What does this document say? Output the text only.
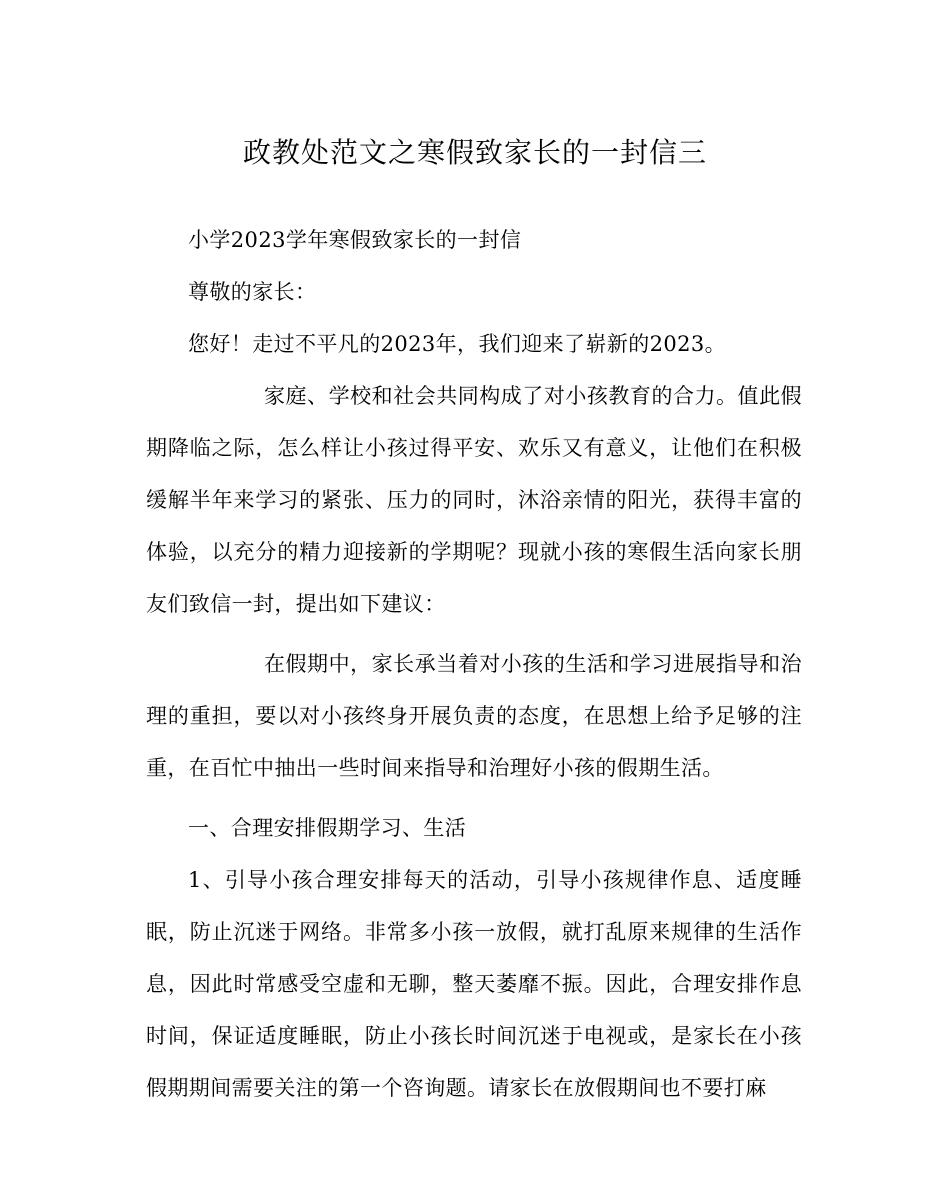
政教处范文之寒假致家长的一封信三

小学2023学年寒假致家长的一封信

尊敬的家长：

您好！走过不平凡的2023年，我们迎来了崭新的2023。

家庭、学校和社会共同构成了对小孩教育的合力。值此假期降临之际，怎么样让小孩过得平安、欢乐又有意义，让他们在积极缓解半年来学习的紧张、压力的同时，沐浴亲情的阳光，获得丰富的体验，以充分的精力迎接新的学期呢？现就小孩的寒假生活向家长朋友们致信一封，提出如下建议：

在假期中，家长承当着对小孩的生活和学习进展指导和治理的重担，要以对小孩终身开展负责的态度，在思想上给予足够的注重，在百忙中抽出一些时间来指导和治理好小孩的假期生活。

一、合理安排假期学习、生活

1、引导小孩合理安排每天的活动，引导小孩规律作息、适度睡眠，防止沉迷于网络。非常多小孩一放假，就打乱原来规律的生活作息，因此时常感受空虚和无聊，整天萎靡不振。因此，合理安排作息时间，保证适度睡眠，防止小孩长时间沉迷于电视或，是家长在小孩假期期间需要关注的第一个咨询题。请家长在放假期间也不要打麻
